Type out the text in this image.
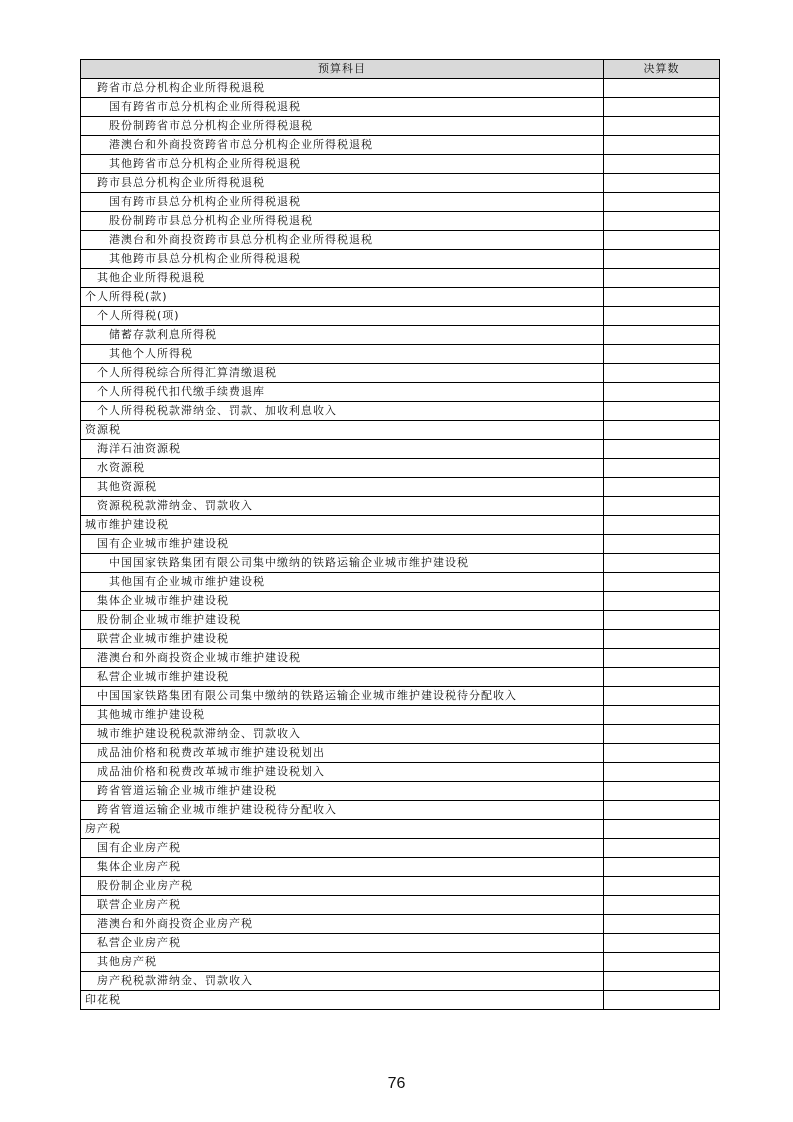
预算科目	决算数
跨省市总分机构企业所得税退税	
国有跨省市总分机构企业所得税退税	
股份制跨省市总分机构企业所得税退税	
港澳台和外商投资跨省市总分机构企业所得税退税	
其他跨省市总分机构企业所得税退税	
跨市县总分机构企业所得税退税	
国有跨市县总分机构企业所得税退税	
股份制跨市县总分机构企业所得税退税	
港澳台和外商投资跨市县总分机构企业所得税退税	
其他跨市县总分机构企业所得税退税	
其他企业所得税退税	
个人所得税(款)	
个人所得税(项)	
储蓄存款利息所得税	
其他个人所得税	
个人所得税综合所得汇算清缴退税	
个人所得税代扣代缴手续费退库	
个人所得税税款滞纳金、罚款、加收利息收入	
资源税	
海洋石油资源税	
水资源税	
其他资源税	
资源税税款滞纳金、罚款收入	
城市维护建设税	
国有企业城市维护建设税	
中国国家铁路集团有限公司集中缴纳的铁路运输企业城市维护建设税	
其他国有企业城市维护建设税	
集体企业城市维护建设税	
股份制企业城市维护建设税	
联营企业城市维护建设税	
港澳台和外商投资企业城市维护建设税	
私营企业城市维护建设税	
中国国家铁路集团有限公司集中缴纳的铁路运输企业城市维护建设税待分配收入	
其他城市维护建设税	
城市维护建设税税款滞纳金、罚款收入	
成品油价格和税费改革城市维护建设税划出	
成品油价格和税费改革城市维护建设税划入	
跨省管道运输企业城市维护建设税	
跨省管道运输企业城市维护建设税待分配收入	
房产税	
国有企业房产税	
集体企业房产税	
股份制企业房产税	
联营企业房产税	
港澳台和外商投资企业房产税	
私营企业房产税	
其他房产税	
房产税税款滞纳金、罚款收入	
印花税	
76
